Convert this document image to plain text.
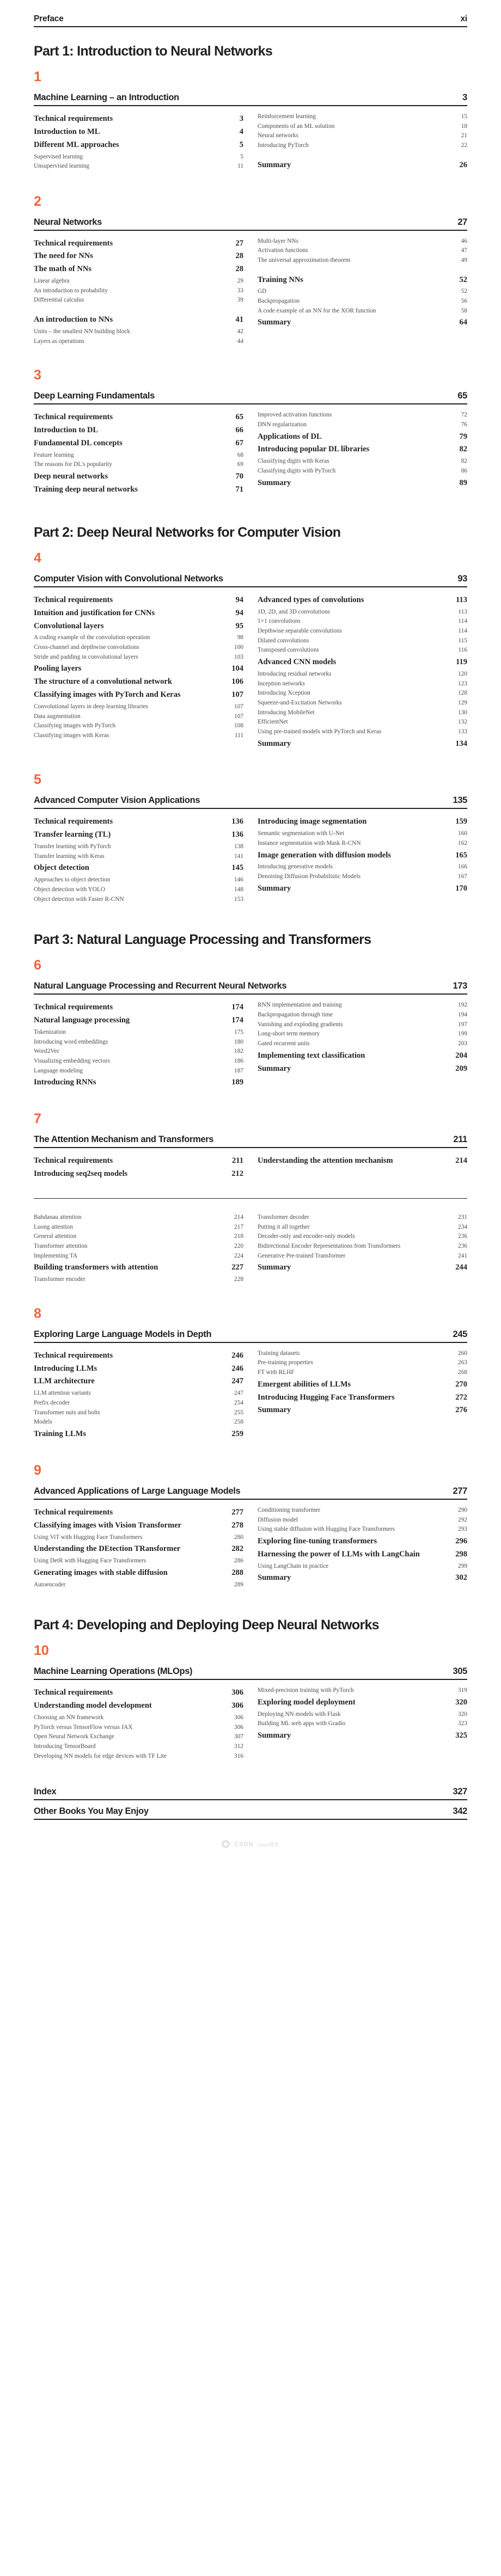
Preface	xi
Part 1: Introduction to Neural Networks
1
Machine Learning – an Introduction	3
Technical requirements	3
Introduction to ML	4
Different ML approaches	5
Supervised learning	5
Unsupervised learning	11
Reinforcement learning	15
Components of an ML solution	18
Neural networks	21
Introducing PyTorch	22
Summary	26
2
Neural Networks	27
Technical requirements	27
The need for NNs	28
The math of NNs	28
Linear algebra	29
An introduction to probability	33
Differential calculus	39
An introduction to NNs	41
Units – the smallest NN building block	42
Layers as operations	44
Multi-layer NNs	46
Activation functions	47
The universal approximation theorem	49
Training NNs	52
GD	52
Backpropagation	56
A code example of an NN for the XOR function	58
Summary	64
3
Deep Learning Fundamentals	65
Technical requirements	65
Introduction to DL	66
Fundamental DL concepts	67
Feature learning	68
The reasons for DL's popularity	69
Deep neural networks	70
Training deep neural networks	71
Improved activation functions	72
DNN regularization	76
Applications of DL	79
Introducing popular DL libraries	82
Classifying digits with Keras	82
Classifying digits with PyTorch	86
Summary	89
Part 2: Deep Neural Networks for Computer Vision
4
Computer Vision with Convolutional Networks	93
Technical requirements	94
Intuition and justification for CNNs	94
Convolutional layers	95
A coding example of the convolution operation	98
Cross-channel and depthwise convolutions	100
Stride and padding in convolutional layers	103
Pooling layers	104
The structure of a convolutional network	106
Classifying images with PyTorch and Keras	107
Convolutional layers in deep learning libraries	107
Data augmentation	107
Classifying images with PyTorch	108
Classifying images with Keras	111
Advanced types of convolutions	113
1D, 2D, and 3D convolutions	113
1×1 convolutions	114
Depthwise separable convolutions	114
Dilated convolutions	115
Transposed convolutions	116
Advanced CNN models	119
Introducing residual networks	120
Inception networks	123
Introducing Xception	128
Squeeze-and-Excitation Networks	129
Introducing MobileNet	130
EfficientNet	132
Using pre-trained models with PyTorch and Keras	133
Summary	134
5
Advanced Computer Vision Applications	135
Technical requirements	136
Transfer learning (TL)	136
Transfer learning with PyTorch	138
Transfer learning with Keras	141
Object detection	145
Approaches to object detection	146
Object detection with YOLO	148
Object detection with Faster R-CNN	153
Introducing image segmentation	159
Semantic segmentation with U-Net	160
Instance segmentation with Mask R-CNN	162
Image generation with diffusion models	165
Introducing generative models	166
Denoising Diffusion Probabilistic Models	167
Summary	170
Part 3: Natural Language Processing and Transformers
6
Natural Language Processing and Recurrent Neural Networks	173
Technical requirements	174
Natural language processing	174
Tokenization	175
Introducing word embeddings	180
Word2Vec	182
Visualizing embedding vectors	186
Language modeling	187
Introducing RNNs	189
RNN implementation and training	192
Backpropagation through time	194
Vanishing and exploding gradients	197
Long-short term memory	199
Gated recurrent units	203
Implementing text classification	204
Summary	209
7
The Attention Mechanism and Transformers	211
Technical requirements	211
Introducing seq2seq models	212
Understanding the attention mechanism	214
Bahdanau attention	214
Luong attention	217
General attention	218
Transformer attention	220
Implementing TA	224
Building transformers with attention	227
Transformer encoder	228
Transformer decoder	231
Putting it all together	234
Decoder-only and encoder-only models	236
Bidirectional Encoder Representations from Transformers	236
Generative Pre-trained Transformer	241
Summary	244
8
Exploring Large Language Models in Depth	245
Technical requirements	246
Introducing LLMs	246
LLM architecture	247
LLM attention variants	247
Prefix decoder	254
Transformer nuts and bolts	255
Models	258
Training LLMs	259
Training datasets	260
Pre-training properties	263
FT with RLHF	268
Emergent abilities of LLMs	270
Introducing Hugging Face Transformers	272
Summary	276
9
Advanced Applications of Large Language Models	277
Technical requirements	277
Classifying images with Vision Transformer	278
Using ViT with Hugging Face Transformers	280
Understanding the DEtection TRansformer	282
Using DetR with Hugging Face Transformers	286
Generating images with stable diffusion	288
Autoencoder	289
Conditioning transformer	290
Diffusion model	292
Using stable diffusion with Hugging Face Transformers	293
Exploring fine-tuning transformers	296
Harnessing the power of LLMs with LangChain	298
Using LangChain in practice	299
Summary	302
Part 4: Developing and Deploying Deep Neural Networks
10
Machine Learning Operations (MLOps)	305
Technical requirements	306
Understanding model development	306
Choosing an NN framework	306
PyTorch versus TensorFlow versus JAX	306
Open Neural Network Exchange	307
Introducing TensorBoard	312
Developing NN models for edge devices with TF Lite	316
Mixed-precision training with PyTorch	319
Exploring model deployment	320
Deploying NN models with Flask	320
Building ML web apps with Gradio	323
Summary	325
Index	327
Other Books You May Enjoy	342
CSDN csdn博客
